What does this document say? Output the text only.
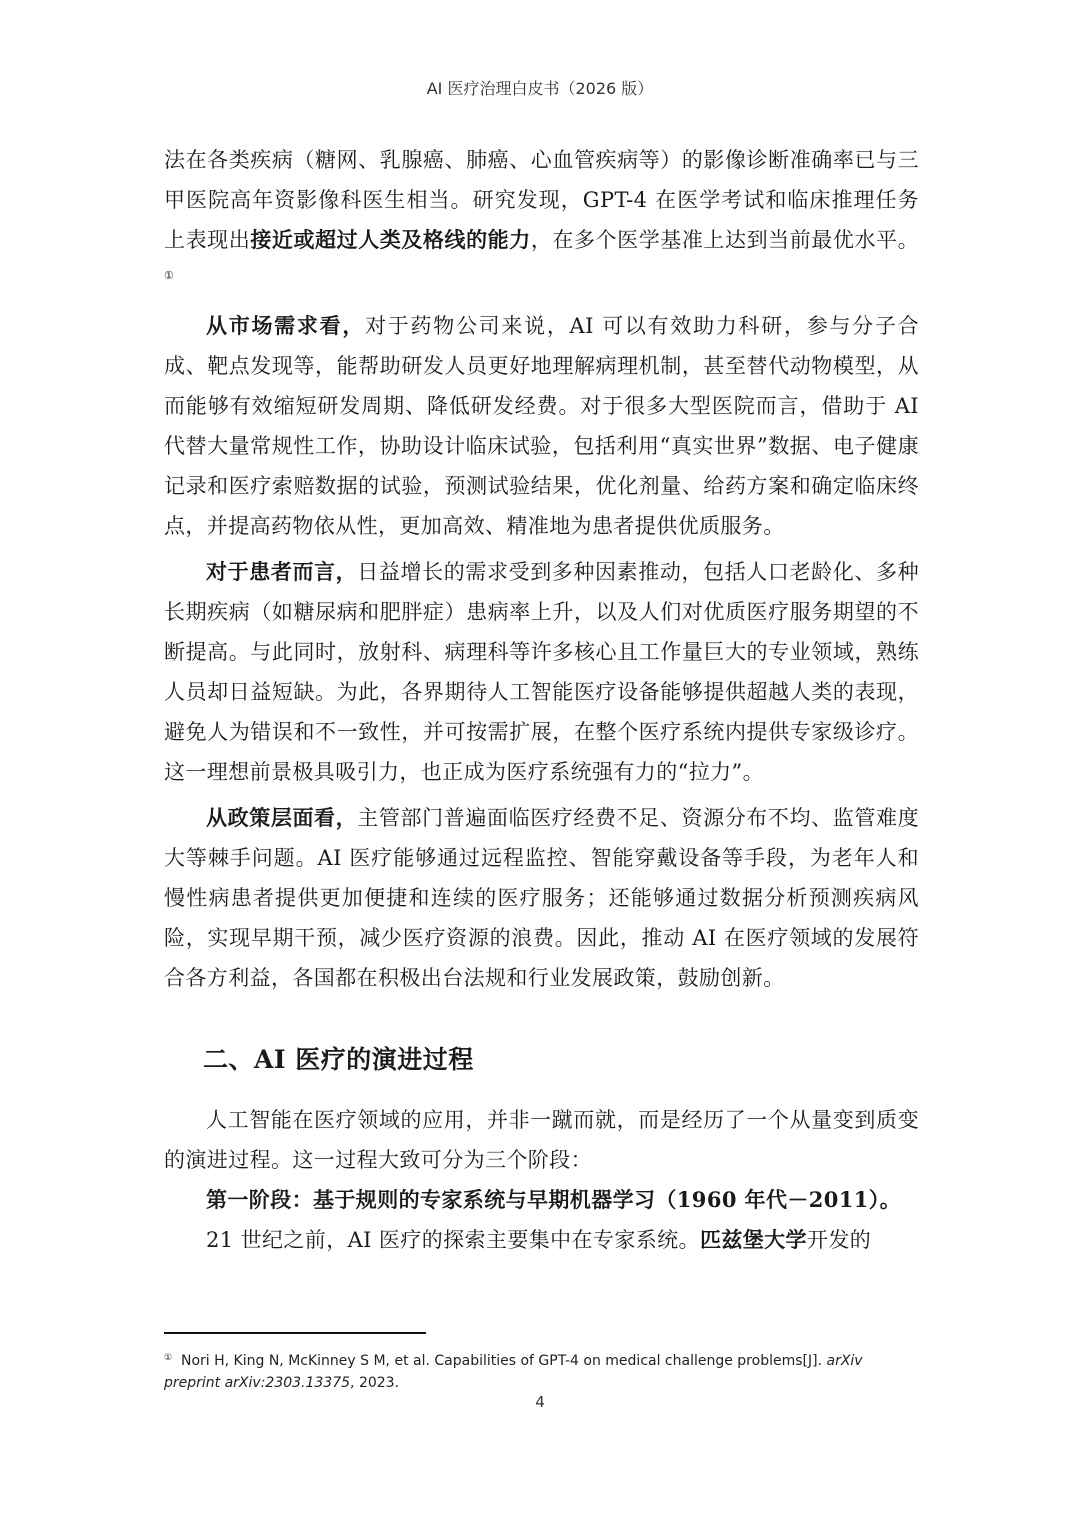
AI 医疗治理白皮书（2026 版）

法在各类疾病（糖网、乳腺癌、肺癌、心血管疾病等）的影像诊断准确率已与三甲医院高年资影像科医生相当。研究发现，GPT-4 在医学考试和临床推理任务上表现出接近或超过人类及格线的能力，在多个医学基准上达到当前最优水平。①

从市场需求看，对于药物公司来说，AI 可以有效助力科研，参与分子合成、靶点发现等，能帮助研发人员更好地理解病理机制，甚至替代动物模型，从而能够有效缩短研发周期、降低研发经费。对于很多大型医院而言，借助于 AI 代替大量常规性工作，协助设计临床试验，包括利用“真实世界”数据、电子健康记录和医疗索赔数据的试验，预测试验结果，优化剂量、给药方案和确定临床终点，并提高药物依从性，更加高效、精准地为患者提供优质服务。

对于患者而言，日益增长的需求受到多种因素推动，包括人口老龄化、多种长期疾病（如糖尿病和肥胖症）患病率上升，以及人们对优质医疗服务期望的不断提高。与此同时，放射科、病理科等许多核心且工作量巨大的专业领域，熟练人员却日益短缺。为此，各界期待人工智能医疗设备能够提供超越人类的表现，避免人为错误和不一致性，并可按需扩展，在整个医疗系统内提供专家级诊疗。这一理想前景极具吸引力，也正成为医疗系统强有力的“拉力”。

从政策层面看，主管部门普遍面临医疗经费不足、资源分布不均、监管难度大等棘手问题。AI 医疗能够通过远程监控、智能穿戴设备等手段，为老年人和慢性病患者提供更加便捷和连续的医疗服务；还能够通过数据分析预测疾病风险，实现早期干预，减少医疗资源的浪费。因此，推动 AI 在医疗领域的发展符合各方利益，各国都在积极出台法规和行业发展政策，鼓励创新。

二、AI 医疗的演进过程

人工智能在医疗领域的应用，并非一蹴而就，而是经历了一个从量变到质变的演进过程。这一过程大致可分为三个阶段：

第一阶段：基于规则的专家系统与早期机器学习（1960 年代－2011）。

21 世纪之前，AI 医疗的探索主要集中在专家系统。匹兹堡大学开发的

① Nori H, King N, McKinney S M, et al. Capabilities of GPT-4 on medical challenge problems[J]. arXiv preprint arXiv:2303.13375, 2023.
4
